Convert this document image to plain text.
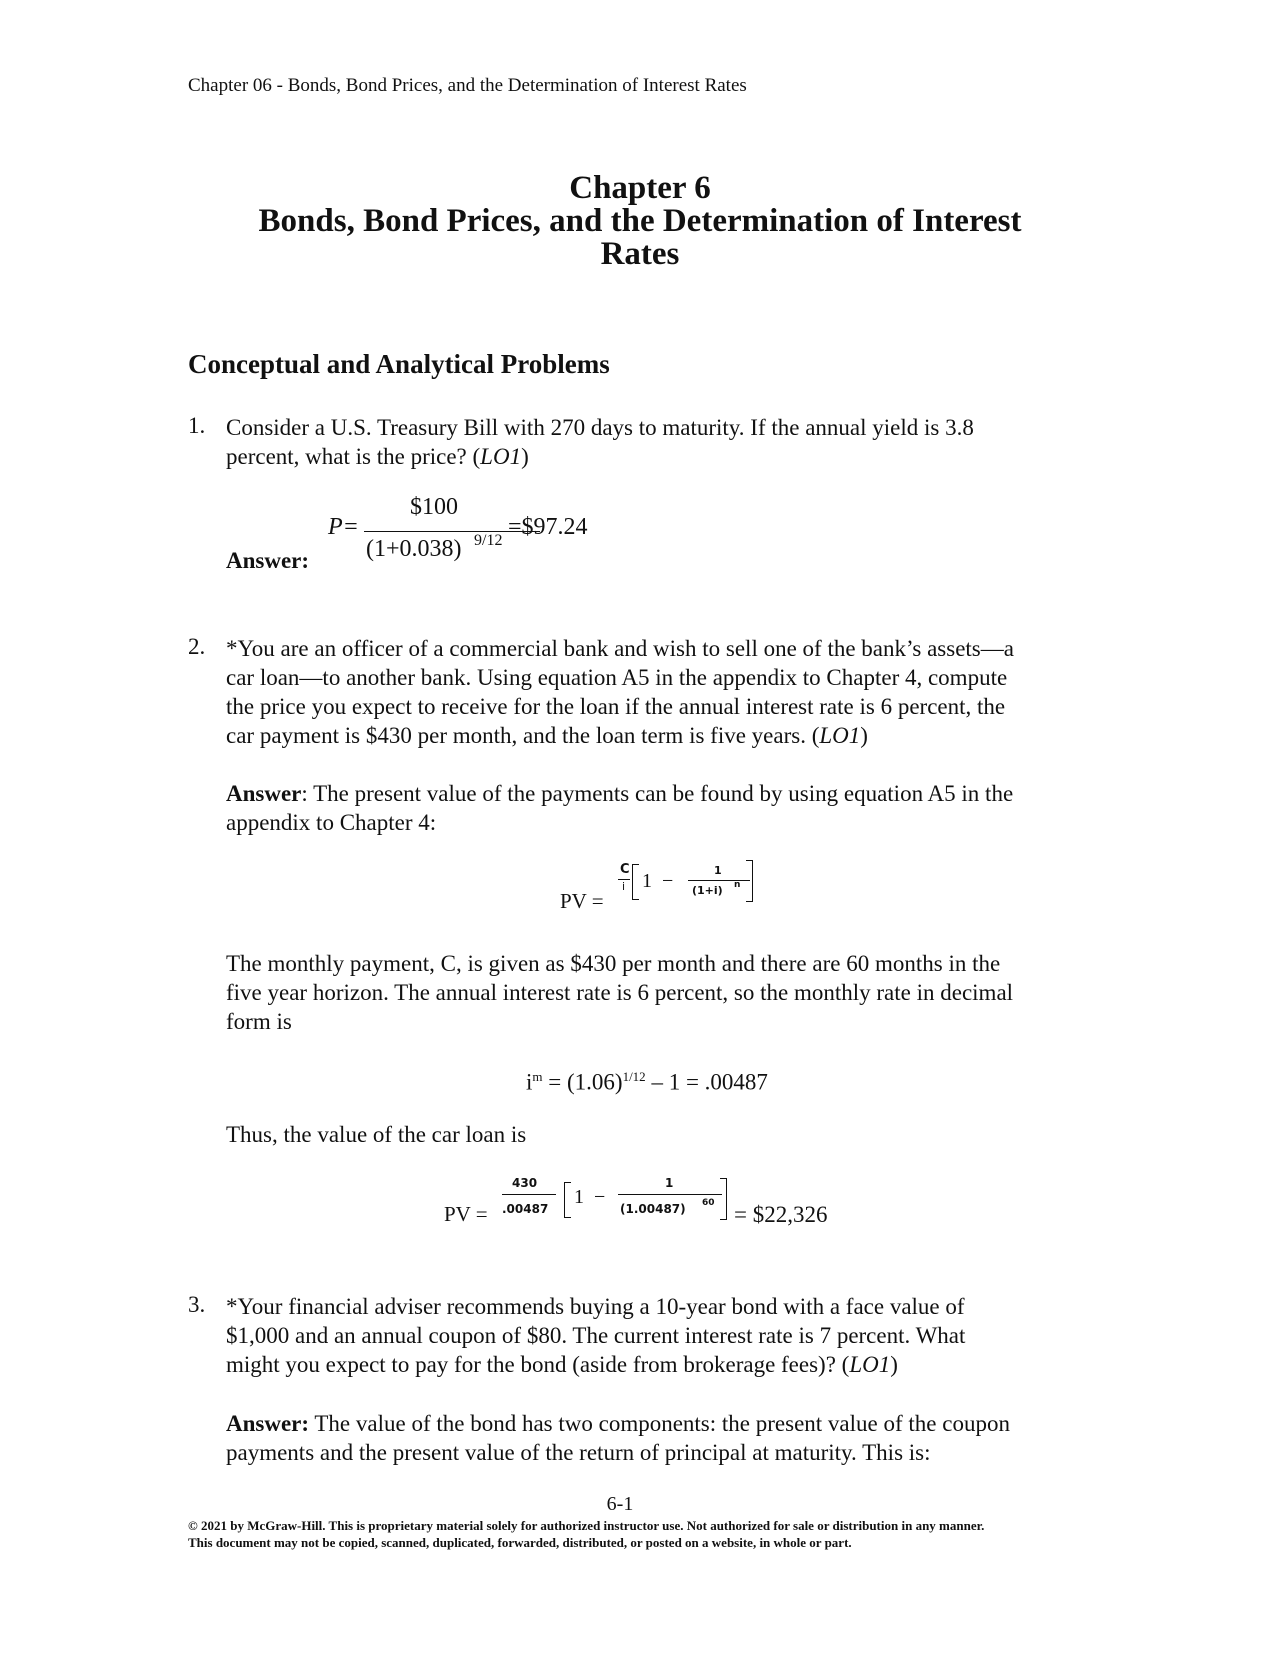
Chapter 06 - Bonds, Bond Prices, and the Determination of Interest Rates
Chapter 6
Bonds, Bond Prices, and the Determination of Interest
Rates
Conceptual and Analytical Problems
1. Consider a U.S. Treasury Bill with 270 days to maturity. If the annual yield is 3.8
percent, what is the price? (LO1)
Answer:
P=
$100
(1+0.038) 9/12
=$97.24
2. *You are an officer of a commercial bank and wish to sell one of the bank’s assets—a
car loan—to another bank. Using equation A5 in the appendix to Chapter 4, compute
the price you expect to receive for the loan if the annual interest rate is 6 percent, the
car payment is $430 per month, and the loan term is five years. (LO1)
Answer: The present value of the payments can be found by using equation A5 in the
appendix to Chapter 4:
PV =
C
i 1 −	1
(1+i) n
The monthly payment, C, is given as $430 per month and there are 60 months in the
five year horizon. The annual interest rate is 6 percent, so the monthly rate in decimal
form is
$i^m = (1.06)^{1/12} - 1 = .00487$
Thus, the value of the car loan is
PV =
430
.00487
1 −
1
(1.00487) 60 = $22,326
3. *Your financial adviser recommends buying a 10-year bond with a face value of
$1,000 and an annual coupon of $80. The current interest rate is 7 percent. What
might you expect to pay for the bond (aside from brokerage fees)? (LO1)
Answer: The value of the bond has two components: the present value of the coupon
payments and the present value of the return of principal at maturity. This is:
6-1
© 2021 by McGraw-Hill. This is proprietary material solely for authorized instructor use. Not authorized for sale or distribution in any manner.
This document may not be copied, scanned, duplicated, forwarded, distributed, or posted on a website, in whole or part.
